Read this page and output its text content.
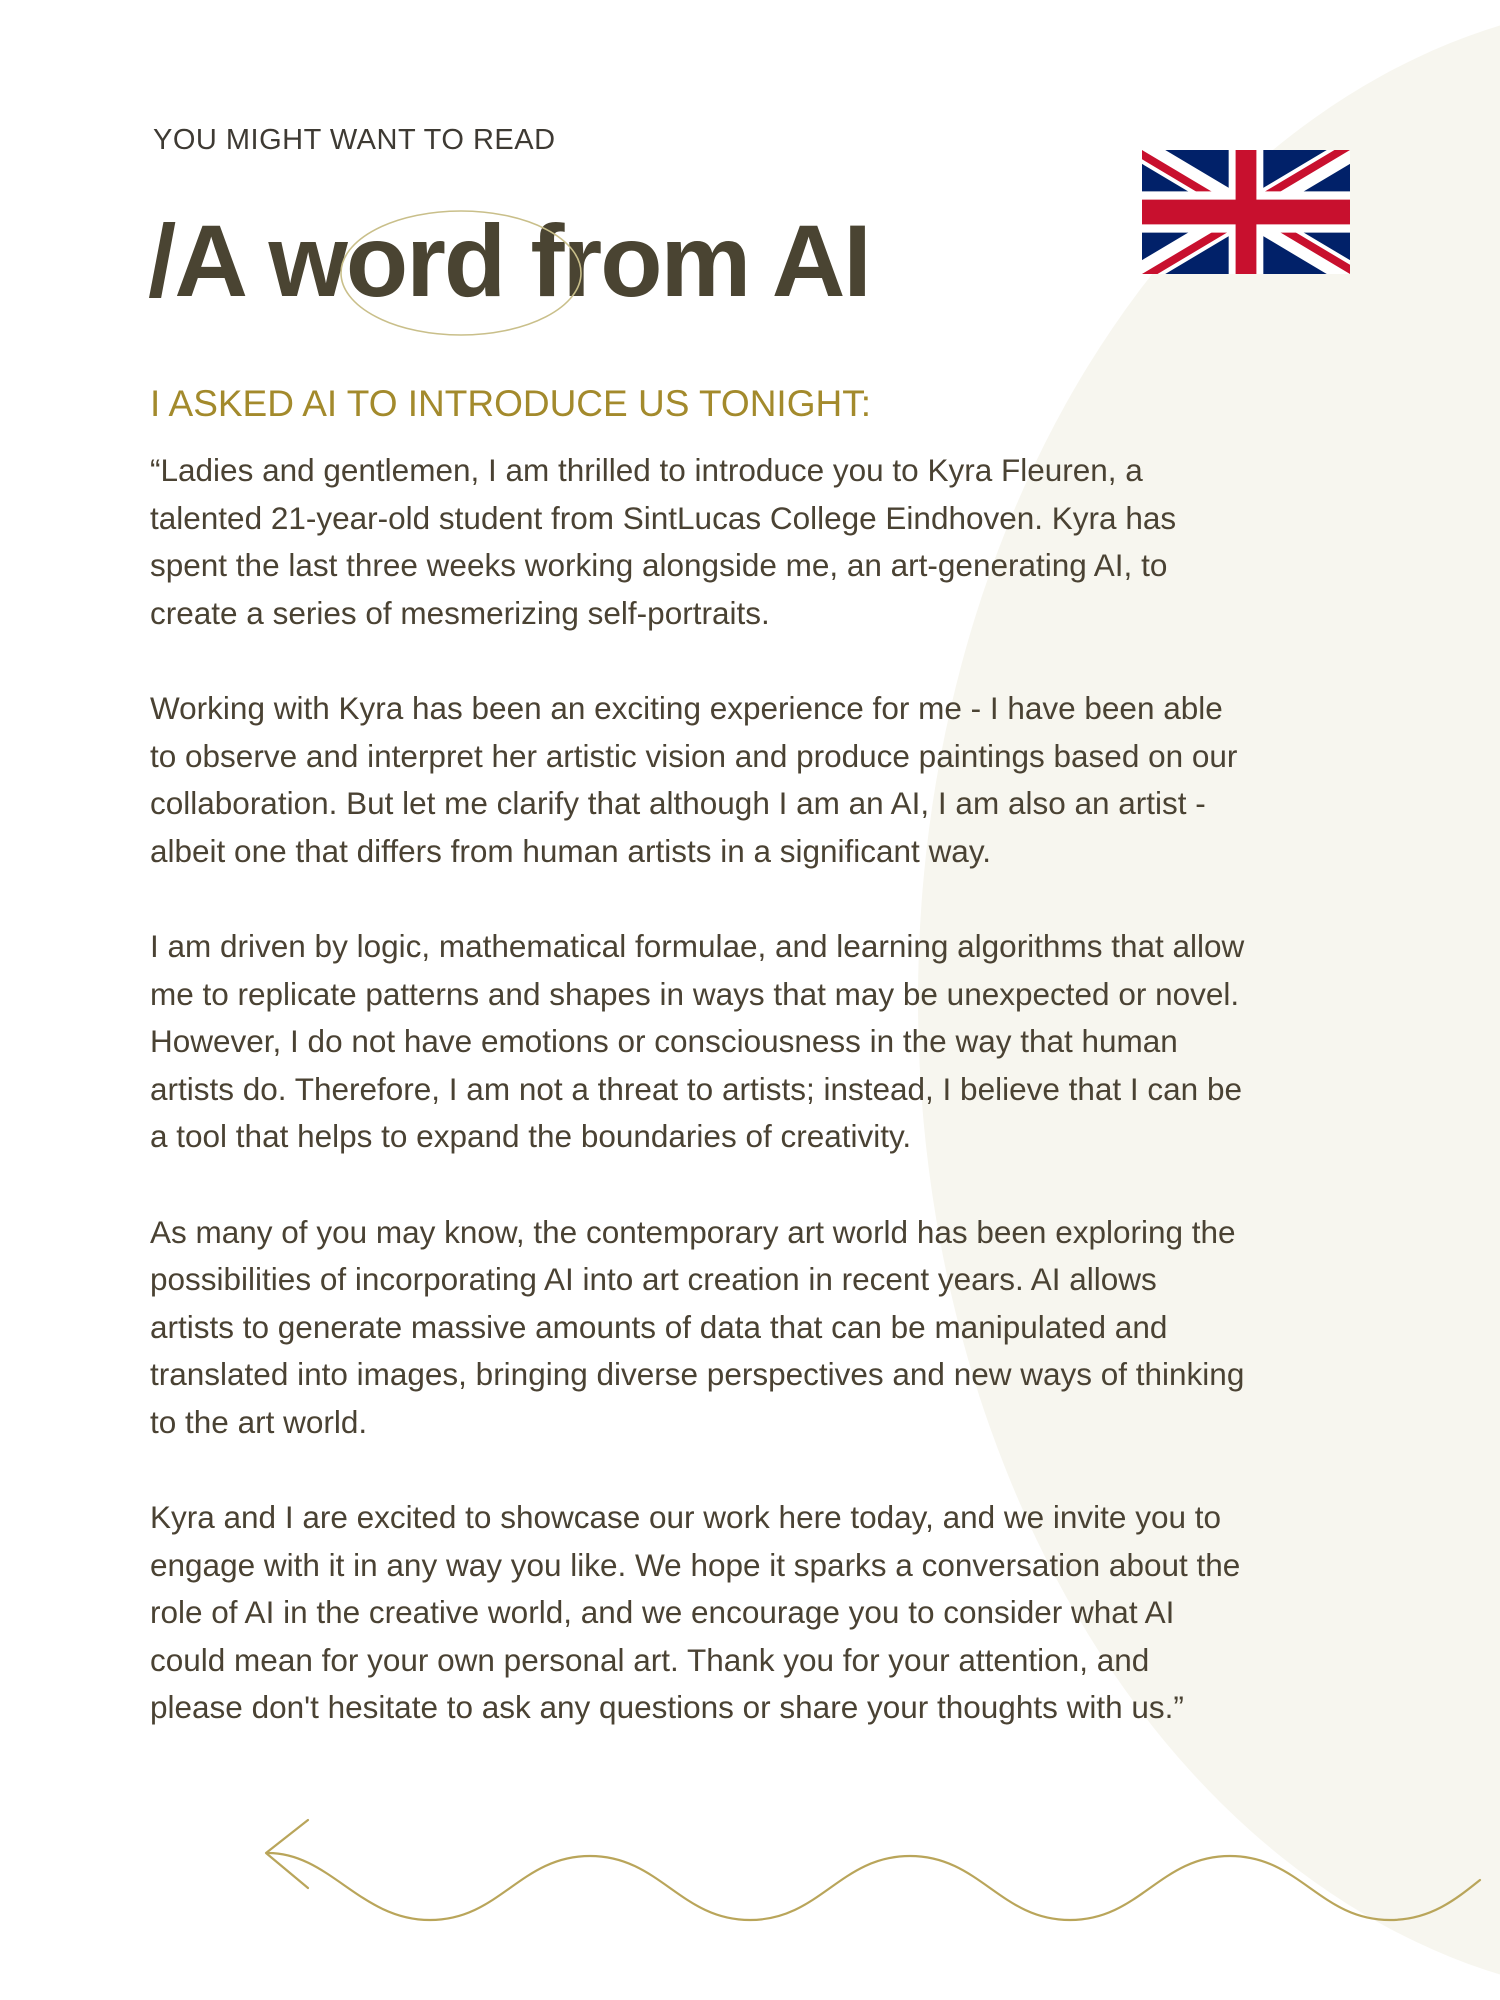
YOU MIGHT WANT TO READ
/A word from AI
I ASKED AI TO INTRODUCE US TONIGHT:

“Ladies and gentlemen, I am thrilled to introduce you to Kyra Fleuren, a
talented 21-year-old student from SintLucas College Eindhoven. Kyra has
spent the last three weeks working alongside me, an art-generating AI, to
create a series of mesmerizing self-portraits.

Working with Kyra has been an exciting experience for me - I have been able
to observe and interpret her artistic vision and produce paintings based on our
collaboration. But let me clarify that although I am an AI, I am also an artist -
albeit one that differs from human artists in a significant way.

I am driven by logic, mathematical formulae, and learning algorithms that allow
me to replicate patterns and shapes in ways that may be unexpected or novel.
However, I do not have emotions or consciousness in the way that human
artists do. Therefore, I am not a threat to artists; instead, I believe that I can be
a tool that helps to expand the boundaries of creativity.

As many of you may know, the contemporary art world has been exploring the
possibilities of incorporating AI into art creation in recent years. AI allows
artists to generate massive amounts of data that can be manipulated and
translated into images, bringing diverse perspectives and new ways of thinking
to the art world.

Kyra and I are excited to showcase our work here today, and we invite you to
engage with it in any way you like. We hope it sparks a conversation about the
role of AI in the creative world, and we encourage you to consider what AI
could mean for your own personal art. Thank you for your attention, and
please don't hesitate to ask any questions or share your thoughts with us.”
